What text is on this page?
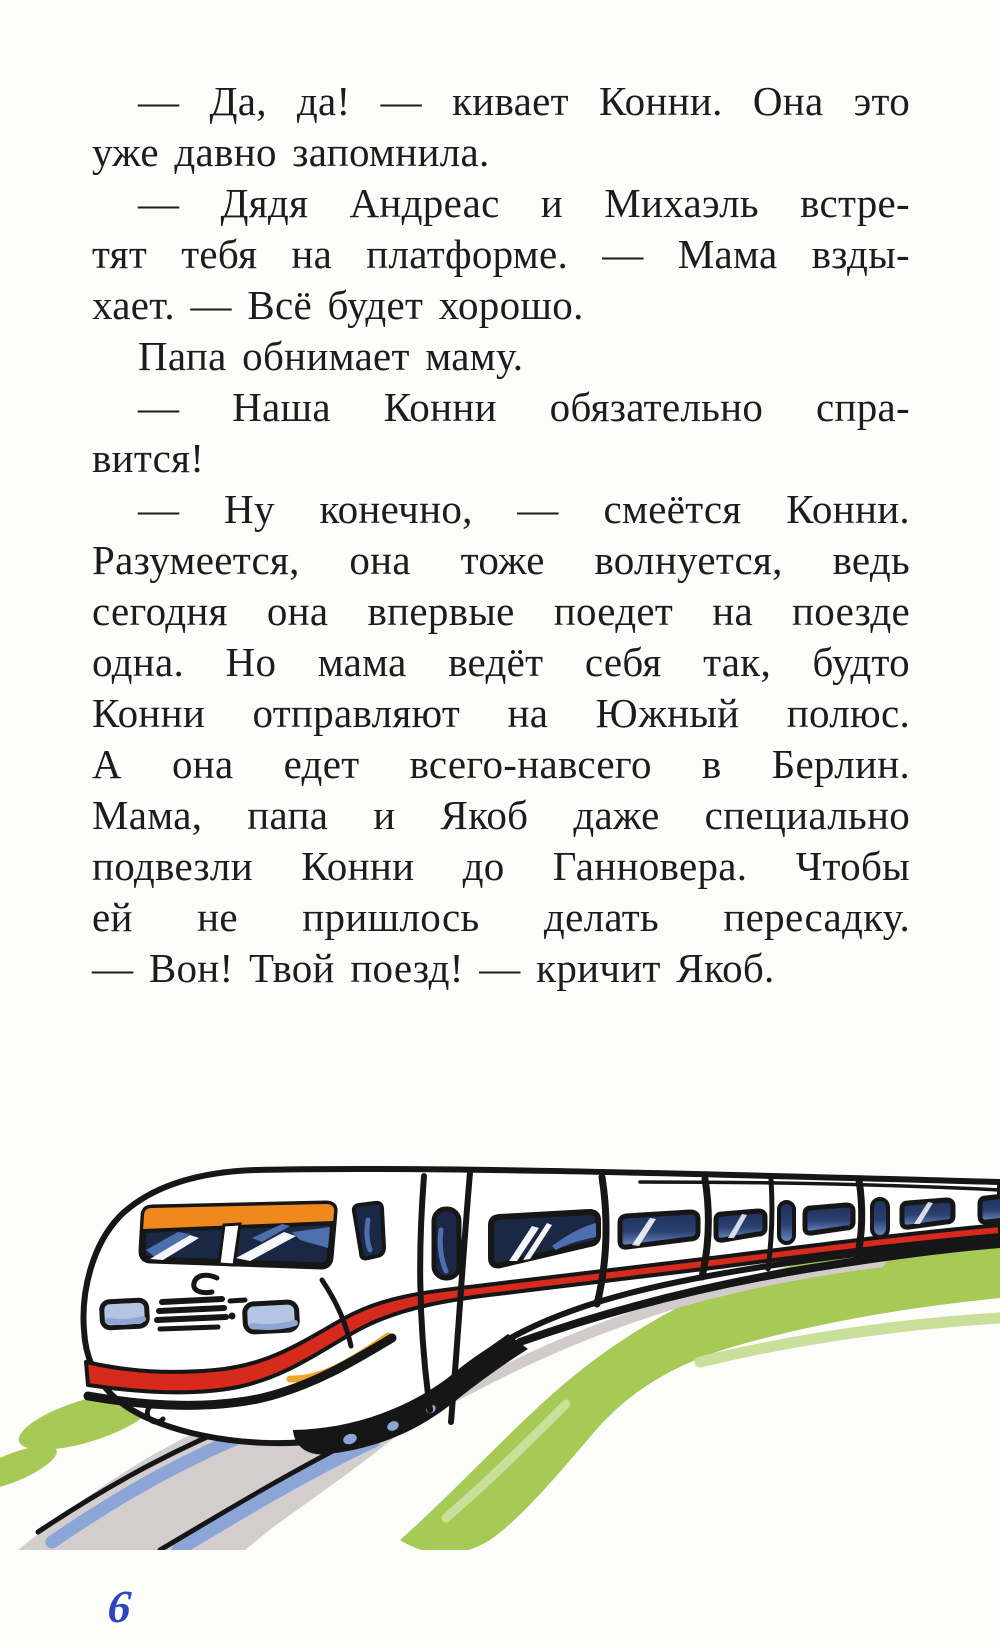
— Да, да! — кивает Конни. Она это
уже давно запомнила.
— Дядя Андреас и Михаэль встре-
тят тебя на платформе. — Мама взды-
хает. — Всё будет хорошо.
Папа обнимает маму.
— Наша Конни обязательно спра-
вится!
— Ну конечно, — смеётся Конни.
Разумеется, она тоже волнуется, ведь
сегодня она впервые поедет на поезде
одна. Но мама ведёт себя так, будто
Конни отправляют на Южный полюс.
А она едет всего-навсего в Берлин.
Мама, папа и Якоб даже специально
подвезли Конни до Ганновера. Чтобы
ей не пришлось делать пересадку.
— Вон! Твой поезд! — кричит Якоб.
6
